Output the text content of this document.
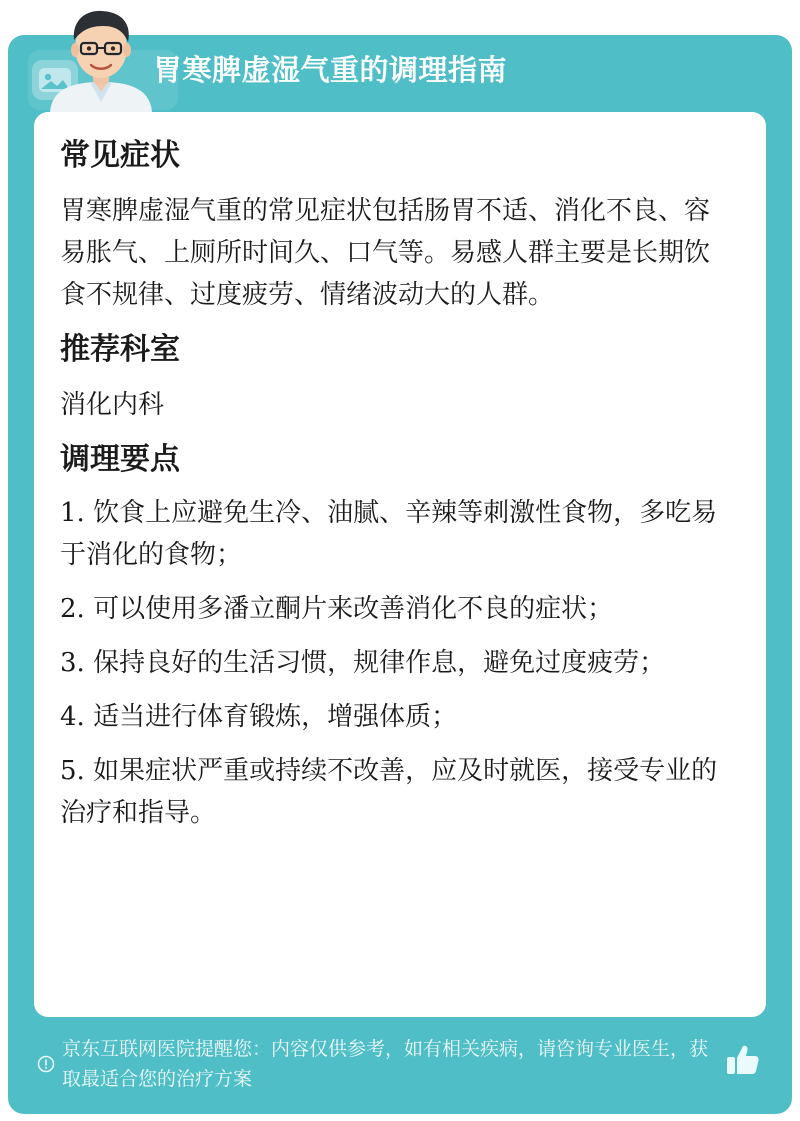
胃寒脾虚湿气重的调理指南
常见症状

胃寒脾虚湿气重的常见症状包括肠胃不适、消化不良、容易胀气、上厕所时间久、口气等。易感人群主要是长期饮食不规律、过度疲劳、情绪波动大的人群。

推荐科室

消化内科

调理要点
1. 饮食上应避免生冷、油腻、辛辣等刺激性食物，多吃易于消化的食物；
2. 可以使用多潘立酮片来改善消化不良的症状；
3. 保持良好的生活习惯，规律作息，避免过度疲劳；
4. 适当进行体育锻炼，增强体质；
5. 如果症状严重或持续不改善，应及时就医，接受专业的治疗和指导。
京东互联网医院提醒您：内容仅供参考，如有相关疾病，请咨询专业医生，获取最适合您的治疗方案
